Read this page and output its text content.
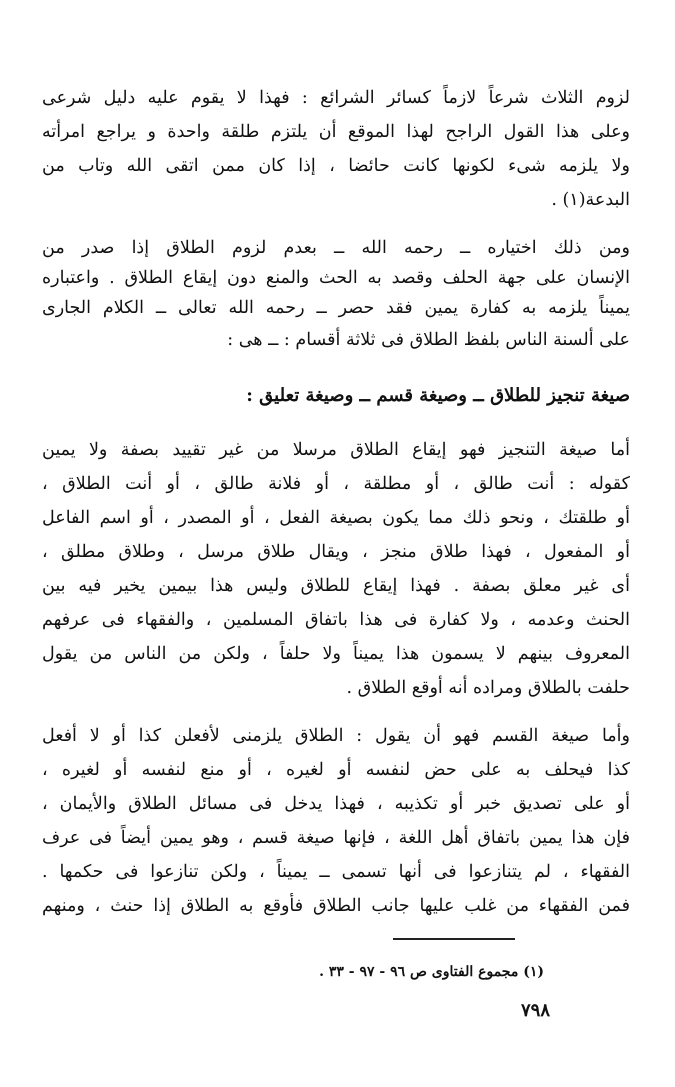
لزوم الثلاث شرعاً لازماً كسائر الشرائع : فهذا لا يقوم عليه دليل شرعى
وعلى هذا القول الراجح لهذا الموقع أن يلتزم طلقة واحدة و يراجع امرأته
ولا يلزمه شىء لكونها كانت حائضا ، إذا كان ممن اتقى الله وتاب من
البدعة(١) .
ومن ذلك اختياره ــ رحمه الله ــ بعدم لزوم الطلاق إذا صدر من
الإنسان على جهة الحلف وقصد به الحث والمنع دون إيقاع الطلاق . واعتباره
يميناً يلزمه به كفارة يمين فقد حصر ــ رحمه الله تعالى ــ الكلام الجارى
على ألسنة الناس بلفظ الطلاق فى ثلاثة أقسام : ــ هى :
صيغة تنجيز للطلاق ــ وصيغة قسم ــ وصيغة تعليق :
أما صيغة التنجيز فهو إيقاع الطلاق مرسلا من غير تقييد بصفة ولا يمين
كقوله : أنت طالق ، أو مطلقة ، أو فلانة طالق ، أو أنت الطلاق ،
أو طلقتك ، ونحو ذلك مما يكون بصيغة الفعل ، أو المصدر ، أو اسم الفاعل
أو المفعول ، فهذا طلاق منجز ، ويقال طلاق مرسل ، وطلاق مطلق ،
أى غير معلق بصفة . فهذا إيقاع للطلاق وليس هذا بيمين يخير فيه بين
الحنث وعدمه ، ولا كفارة فى هذا باتفاق المسلمين ، والفقهاء فى عرفهم
المعروف بينهم لا يسمون هذا يميناً ولا حلفاً ، ولكن من الناس من يقول
حلفت بالطلاق ومراده أنه أوقع الطلاق .
وأما صيغة القسم فهو أن يقول : الطلاق يلزمنى لأفعلن كذا أو لا أفعل
كذا فيحلف به على حض لنفسه أو لغيره ، أو منع لنفسه أو لغيره ،
أو على تصديق خبر أو تكذيبه ، فهذا يدخل فى مسائل الطلاق والأيمان ،
فإن هذا يمين باتفاق أهل اللغة ، فإنها صيغة قسم ، وهو يمين أيضاً فى عرف
الفقهاء ، لم يتنازعوا فى أنها تسمى ــ يميناً ، ولكن تنازعوا فى حكمها .
فمن الفقهاء من غلب عليها جانب الطلاق فأوقع به الطلاق إذا حنث ، ومنهم
(١) مجموع الفتاوى ص ٩٦ - ٩٧ - ٣٣ .
٧٩٨
